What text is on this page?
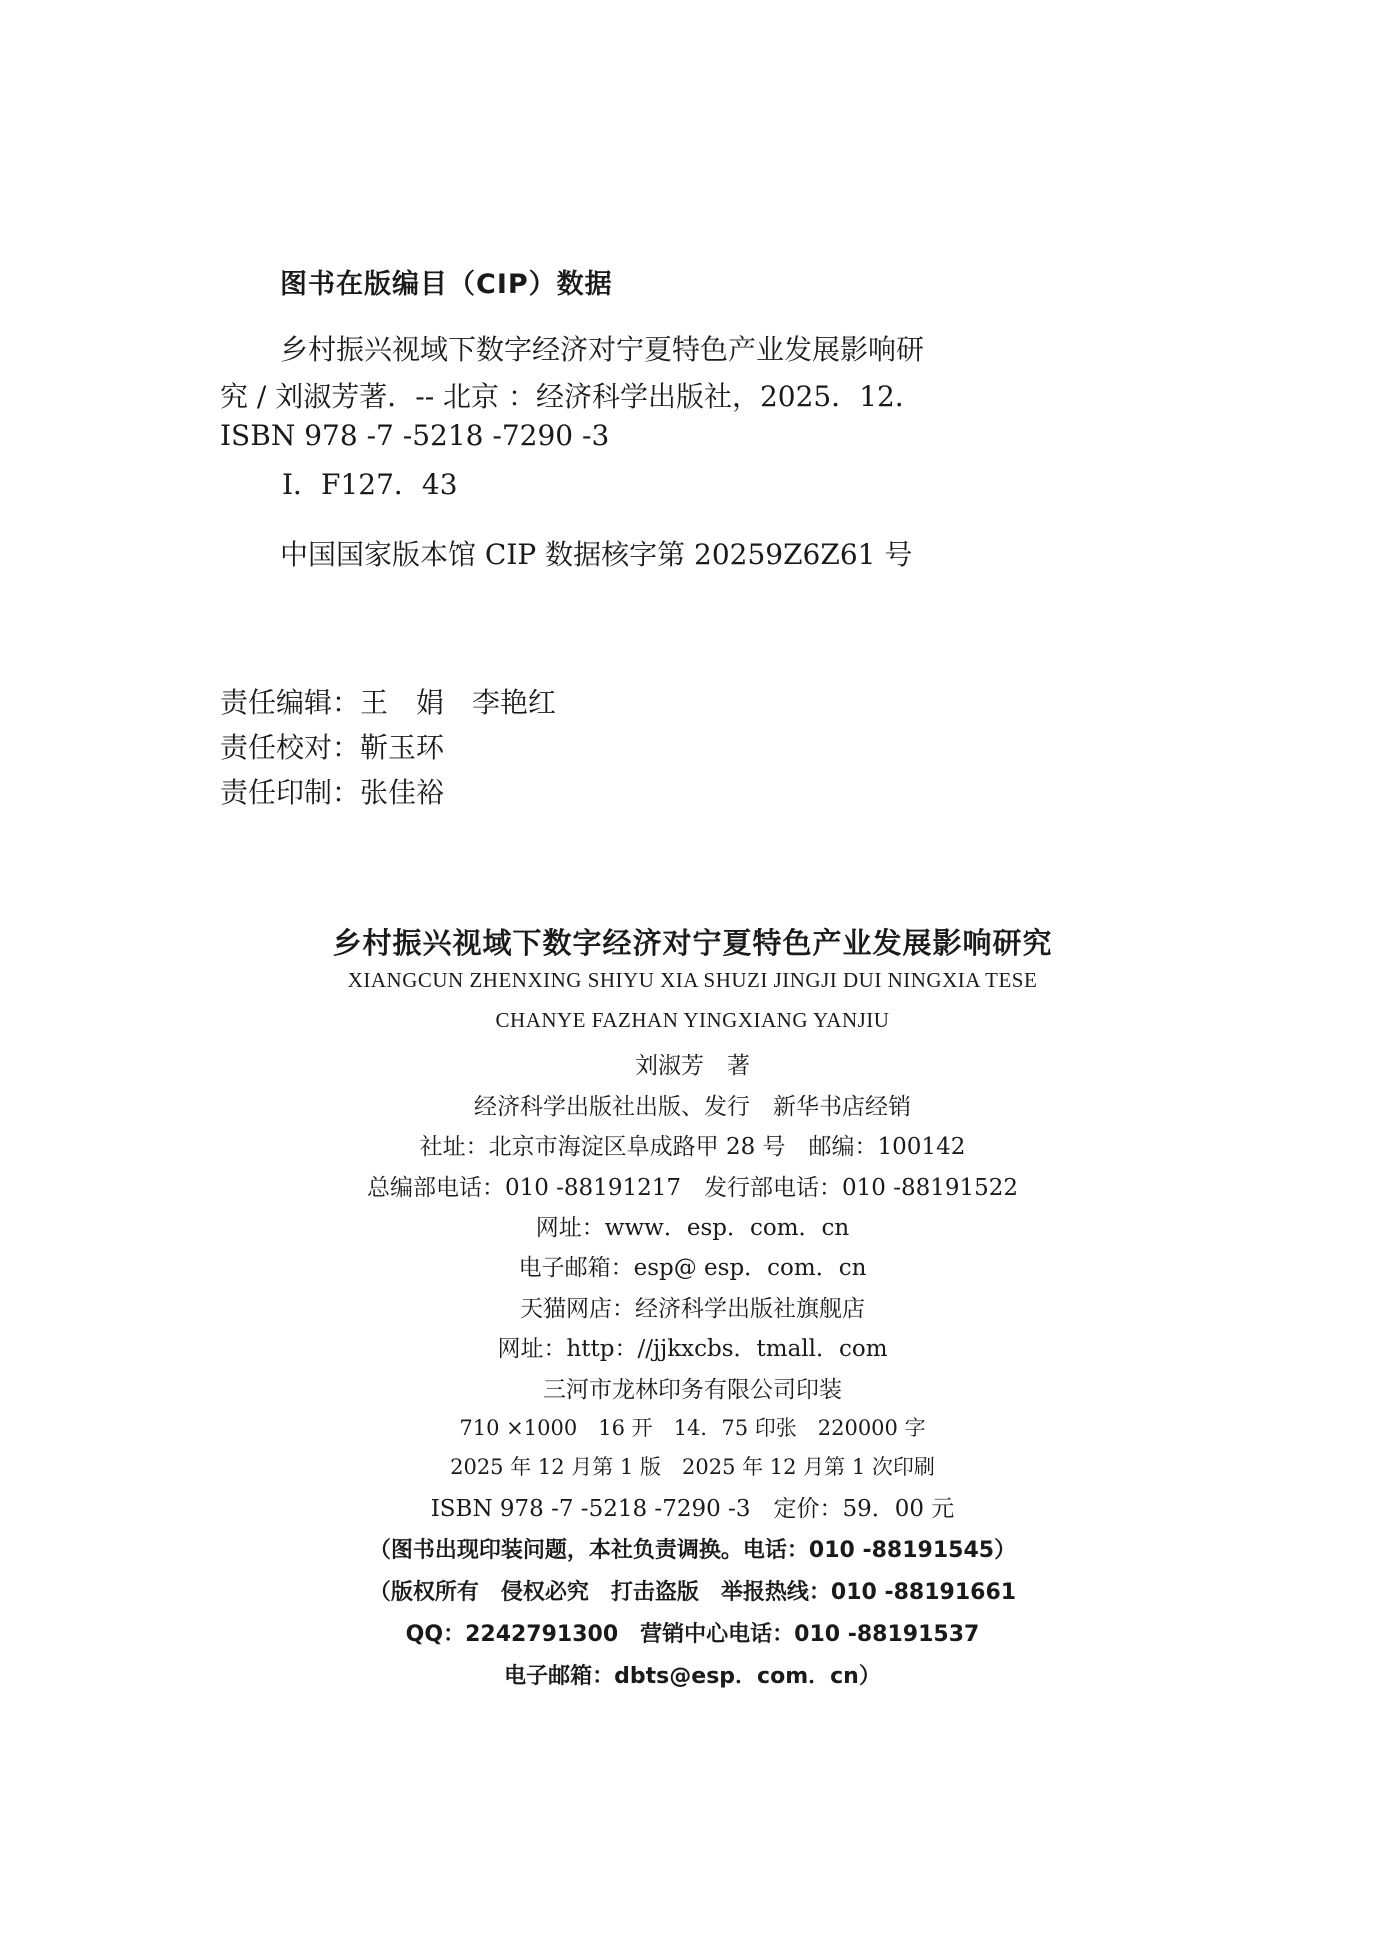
图书在版编目（CIP）数据
乡村振兴视域下数字经济对宁夏特色产业发展影响研
究 / 刘淑芳著．-- 北京 ：经济科学出版社，2025．12．
ISBN 978 -7 -5218 -7290 -3
Ⅰ．F127．43
中国国家版本馆 CIP 数据核字第 20259Z6Z61 号
责任编辑：王　娟　李艳红
责任校对：靳玉环
责任印制：张佳裕
乡村振兴视域下数字经济对宁夏特色产业发展影响研究
XIANGCUN ZHENXING SHIYU XIA SHUZI JINGJI DUI NINGXIA TESE
CHANYE FAZHAN YINGXIANG YANJIU
刘淑芳　著
经济科学出版社出版、发行　新华书店经销
社址：北京市海淀区阜成路甲 28 号　邮编：100142
总编部电话：010 -88191217　发行部电话：010 -88191522
网址：www．esp．com．cn
电子邮箱：esp@ esp．com．cn
天猫网店：经济科学出版社旗舰店
网址：http：//jjkxcbs．tmall．com
三河市龙林印务有限公司印装
710 ×1000　16 开　14．75 印张　220000 字
2025 年 12 月第 1 版　2025 年 12 月第 1 次印刷
ISBN 978 -7 -5218 -7290 -3　定价：59．00 元
（图书出现印装问题，本社负责调换。电话：010 -88191545）
（版权所有　侵权必究　打击盗版　举报热线：010 -88191661
QQ：2242791300　营销中心电话：010 -88191537
电子邮箱：dbts@esp．com．cn）
